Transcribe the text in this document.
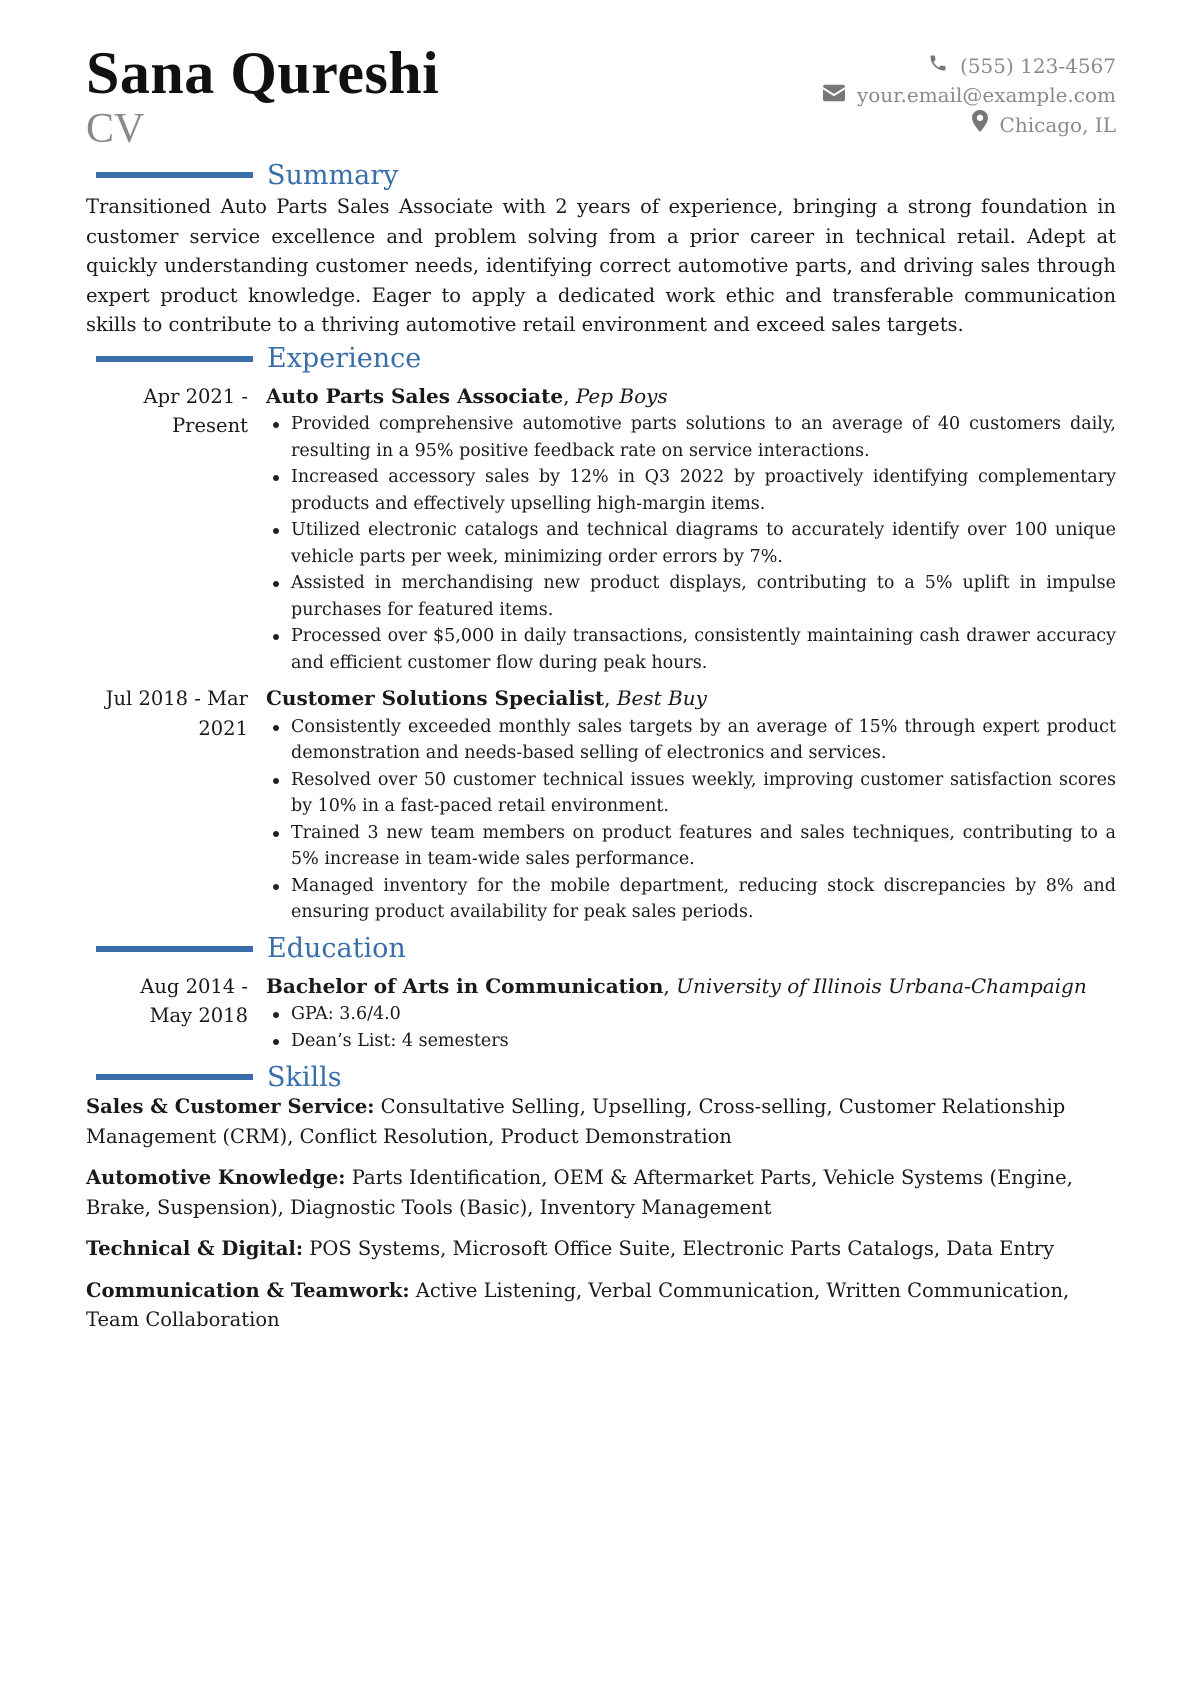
Sana Qureshi
CV
(555) 123-4567
your.email@example.com
Chicago, IL
Summary

Transitioned Auto Parts Sales Associate with 2 years of experience, bringing a strong foundation in customer service excellence and problem solving from a prior career in technical retail. Adept at quickly understanding customer needs, identifying correct automotive parts, and driving sales through expert product knowledge. Eager to apply a dedicated work ethic and transferable communication skills to contribute to a thriving automotive retail environment and exceed sales targets.

Experience
Apr 2021 -
Present
Auto Parts Sales Associate, Pep Boys
Provided comprehensive automotive parts solutions to an average of 40 customers daily, resulting in a 95% positive feedback rate on service interactions.
Increased accessory sales by 12% in Q3 2022 by proactively identifying complementary products and effectively upselling high-margin items.
Utilized electronic catalogs and technical diagrams to accurately identify over 100 unique vehicle parts per week, minimizing order errors by 7%.
Assisted in merchandising new product displays, contributing to a 5% uplift in impulse purchases for featured items.
Processed over $5,000 in daily transactions, consistently maintaining cash drawer accuracy and efficient customer flow during peak hours.
Jul 2018 - Mar
2021
Customer Solutions Specialist, Best Buy
Consistently exceeded monthly sales targets by an average of 15% through expert product demonstration and needs-based selling of electronics and services.
Resolved over 50 customer technical issues weekly, improving customer satisfaction scores by 10% in a fast-paced retail environment.
Trained 3 new team members on product features and sales techniques, contributing to a 5% increase in team-wide sales performance.
Managed inventory for the mobile department, reducing stock discrepancies by 8% and ensuring product availability for peak sales periods.
Education
Aug 2014 -
May 2018
Bachelor of Arts in Communication, University of Illinois Urbana-Champaign
GPA: 3.6/4.0
Dean’s List: 4 semesters
Skills

Sales & Customer Service: Consultative Selling, Upselling, Cross-selling, Customer Relationship Management (CRM), Conflict Resolution, Product Demonstration

Automotive Knowledge: Parts Identification, OEM & Aftermarket Parts, Vehicle Systems (Engine, Brake, Suspension), Diagnostic Tools (Basic), Inventory Management

Technical & Digital: POS Systems, Microsoft Office Suite, Electronic Parts Catalogs, Data Entry

Communication & Teamwork: Active Listening, Verbal Communication, Written Communication, Team Collaboration
